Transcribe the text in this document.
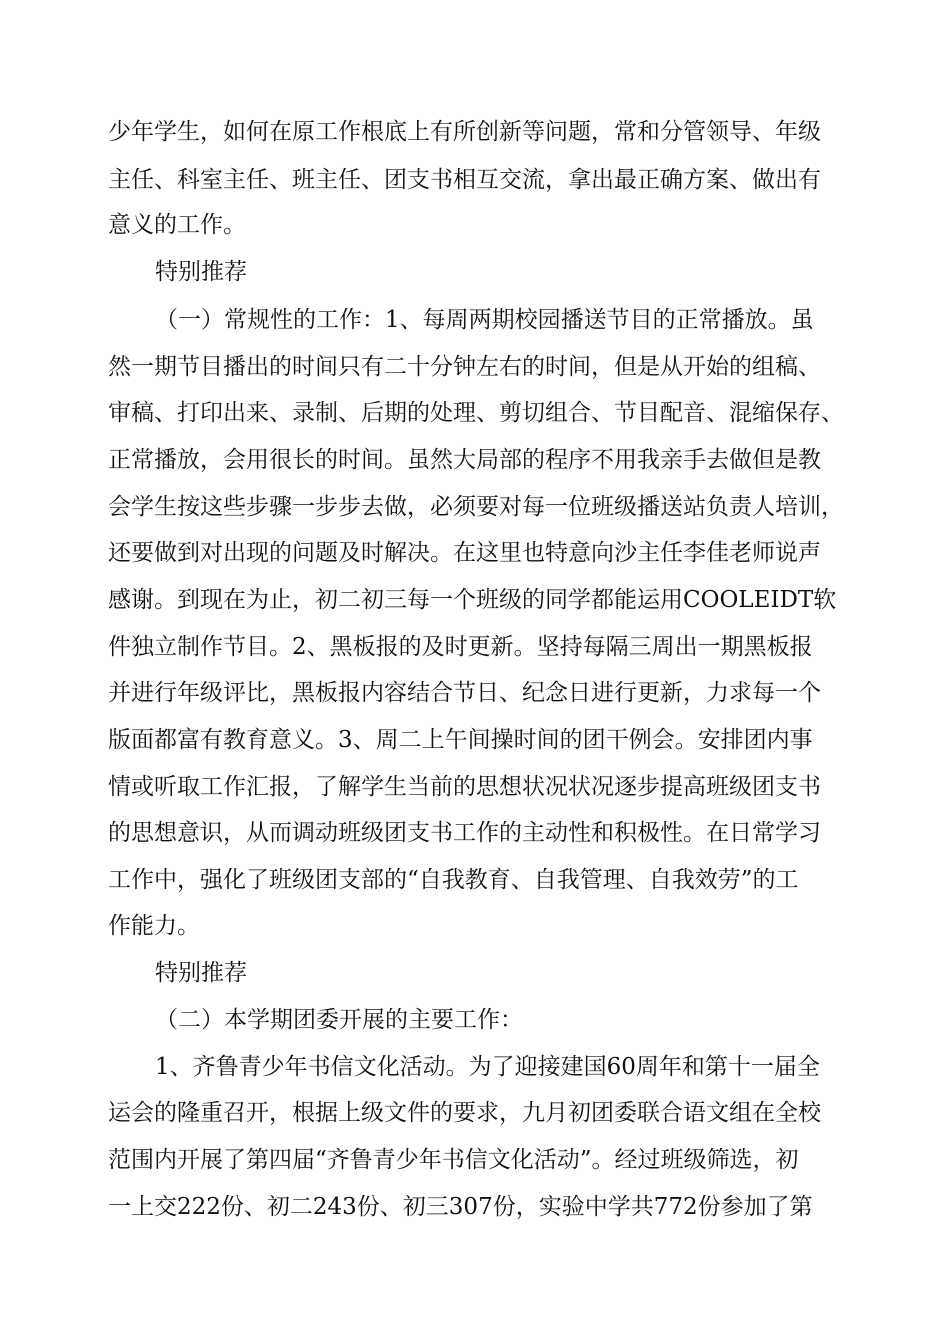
少年学生，如何在原工作根底上有所创新等问题，常和分管领导、年级
主任、科室主任、班主任、团支书相互交流，拿出最正确方案、做出有
意义的工作。
特别推荐
（一）常规性的工作：1、每周两期校园播送节目的正常播放。虽
然一期节目播出的时间只有二十分钟左右的时间，但是从开始的组稿、
审稿、打印出来、录制、后期的处理、剪切组合、节目配音、混缩保存、
正常播放，会用很长的时间。虽然大局部的程序不用我亲手去做但是教
会学生按这些步骤一步步去做，必须要对每一位班级播送站负责人培训，
还要做到对出现的问题及时解决。在这里也特意向沙主任李佳老师说声
感谢。到现在为止，初二初三每一个班级的同学都能运用COOLEIDT软
件独立制作节目。2、黑板报的及时更新。坚持每隔三周出一期黑板报
并进行年级评比，黑板报内容结合节日、纪念日进行更新，力求每一个
版面都富有教育意义。3、周二上午间操时间的团干例会。安排团内事
情或听取工作汇报，了解学生当前的思想状况状况逐步提高班级团支书
的思想意识，从而调动班级团支书工作的主动性和积极性。在日常学习
工作中，强化了班级团支部的“自我教育、自我管理、自我效劳”的工
作能力。
特别推荐
（二）本学期团委开展的主要工作：
1、齐鲁青少年书信文化活动。为了迎接建国60周年和第十一届全
运会的隆重召开，根据上级文件的要求，九月初团委联合语文组在全校
范围内开展了第四届“齐鲁青少年书信文化活动”。经过班级筛选，初
一上交222份、初二243份、初三307份，实验中学共772份参加了第
